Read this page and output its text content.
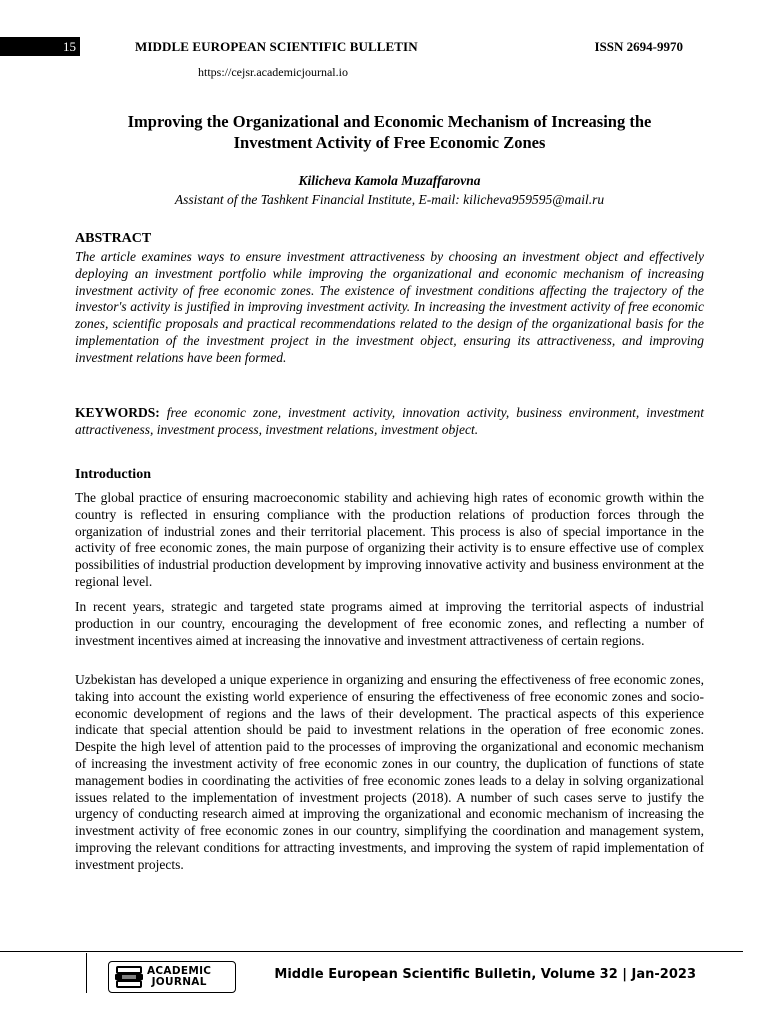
15	MIDDLE EUROPEAN SCIENTIFIC BULLETIN	ISSN 2694-9970
https://cejsr.academicjournal.io
Improving the Organizational and Economic Mechanism of Increasing the
Investment Activity of Free Economic Zones
Kilicheva Kamola Muzaffarovna
Assistant of the Tashkent Financial Institute, E-mail: kilicheva959595@mail.ru
ABSTRACT

The article examines ways to ensure investment attractiveness by choosing an investment object and effectively deploying an investment portfolio while improving the organizational and economic mechanism of increasing investment activity of free economic zones. The existence of investment conditions affecting the trajectory of the investor's activity is justified in improving investment activity. In increasing the investment activity of free economic zones, scientific proposals and practical recommendations related to the design of the organizational basis for the implementation of the investment project in the investment object, ensuring its attractiveness, and improving investment relations have been formed.

KEYWORDS: free economic zone, investment activity, innovation activity, business environment, investment attractiveness, investment process, investment relations, investment object.

Introduction

The global practice of ensuring macroeconomic stability and achieving high rates of economic growth within the country is reflected in ensuring compliance with the production relations of production forces through the organization of industrial zones and their territorial placement. This process is also of special importance in the activity of free economic zones, the main purpose of organizing their activity is to ensure effective use of complex possibilities of industrial production development by improving innovative activity and business environment at the regional level.

In recent years, strategic and targeted state programs aimed at improving the territorial aspects of industrial production in our country, encouraging the development of free economic zones, and reflecting a number of investment incentives aimed at increasing the innovative and investment attractiveness of certain regions.

Uzbekistan has developed a unique experience in organizing and ensuring the effectiveness of free economic zones, taking into account the existing world experience of ensuring the effectiveness of free economic zones and socio-economic development of regions and the laws of their development. The practical aspects of this experience indicate that special attention should be paid to investment relations in the operation of free economic zones. Despite the high level of attention paid to the processes of improving the organizational and economic mechanism of increasing the investment activity of free economic zones in our country, the duplication of functions of state management bodies in coordinating the activities of free economic zones leads to a delay in solving organizational issues related to the implementation of investment projects (2018). A number of such cases serve to justify the urgency of conducting research aimed at improving the organizational and economic mechanism of increasing the investment activity of free economic zones in our country, simplifying the coordination and management system, improving the relevant conditions for attracting investments, and improving the system of rapid implementation of investment projects.

ACADEMIC
JOURNAL	Middle European Scientific Bulletin, Volume 32 | Jan-2023
